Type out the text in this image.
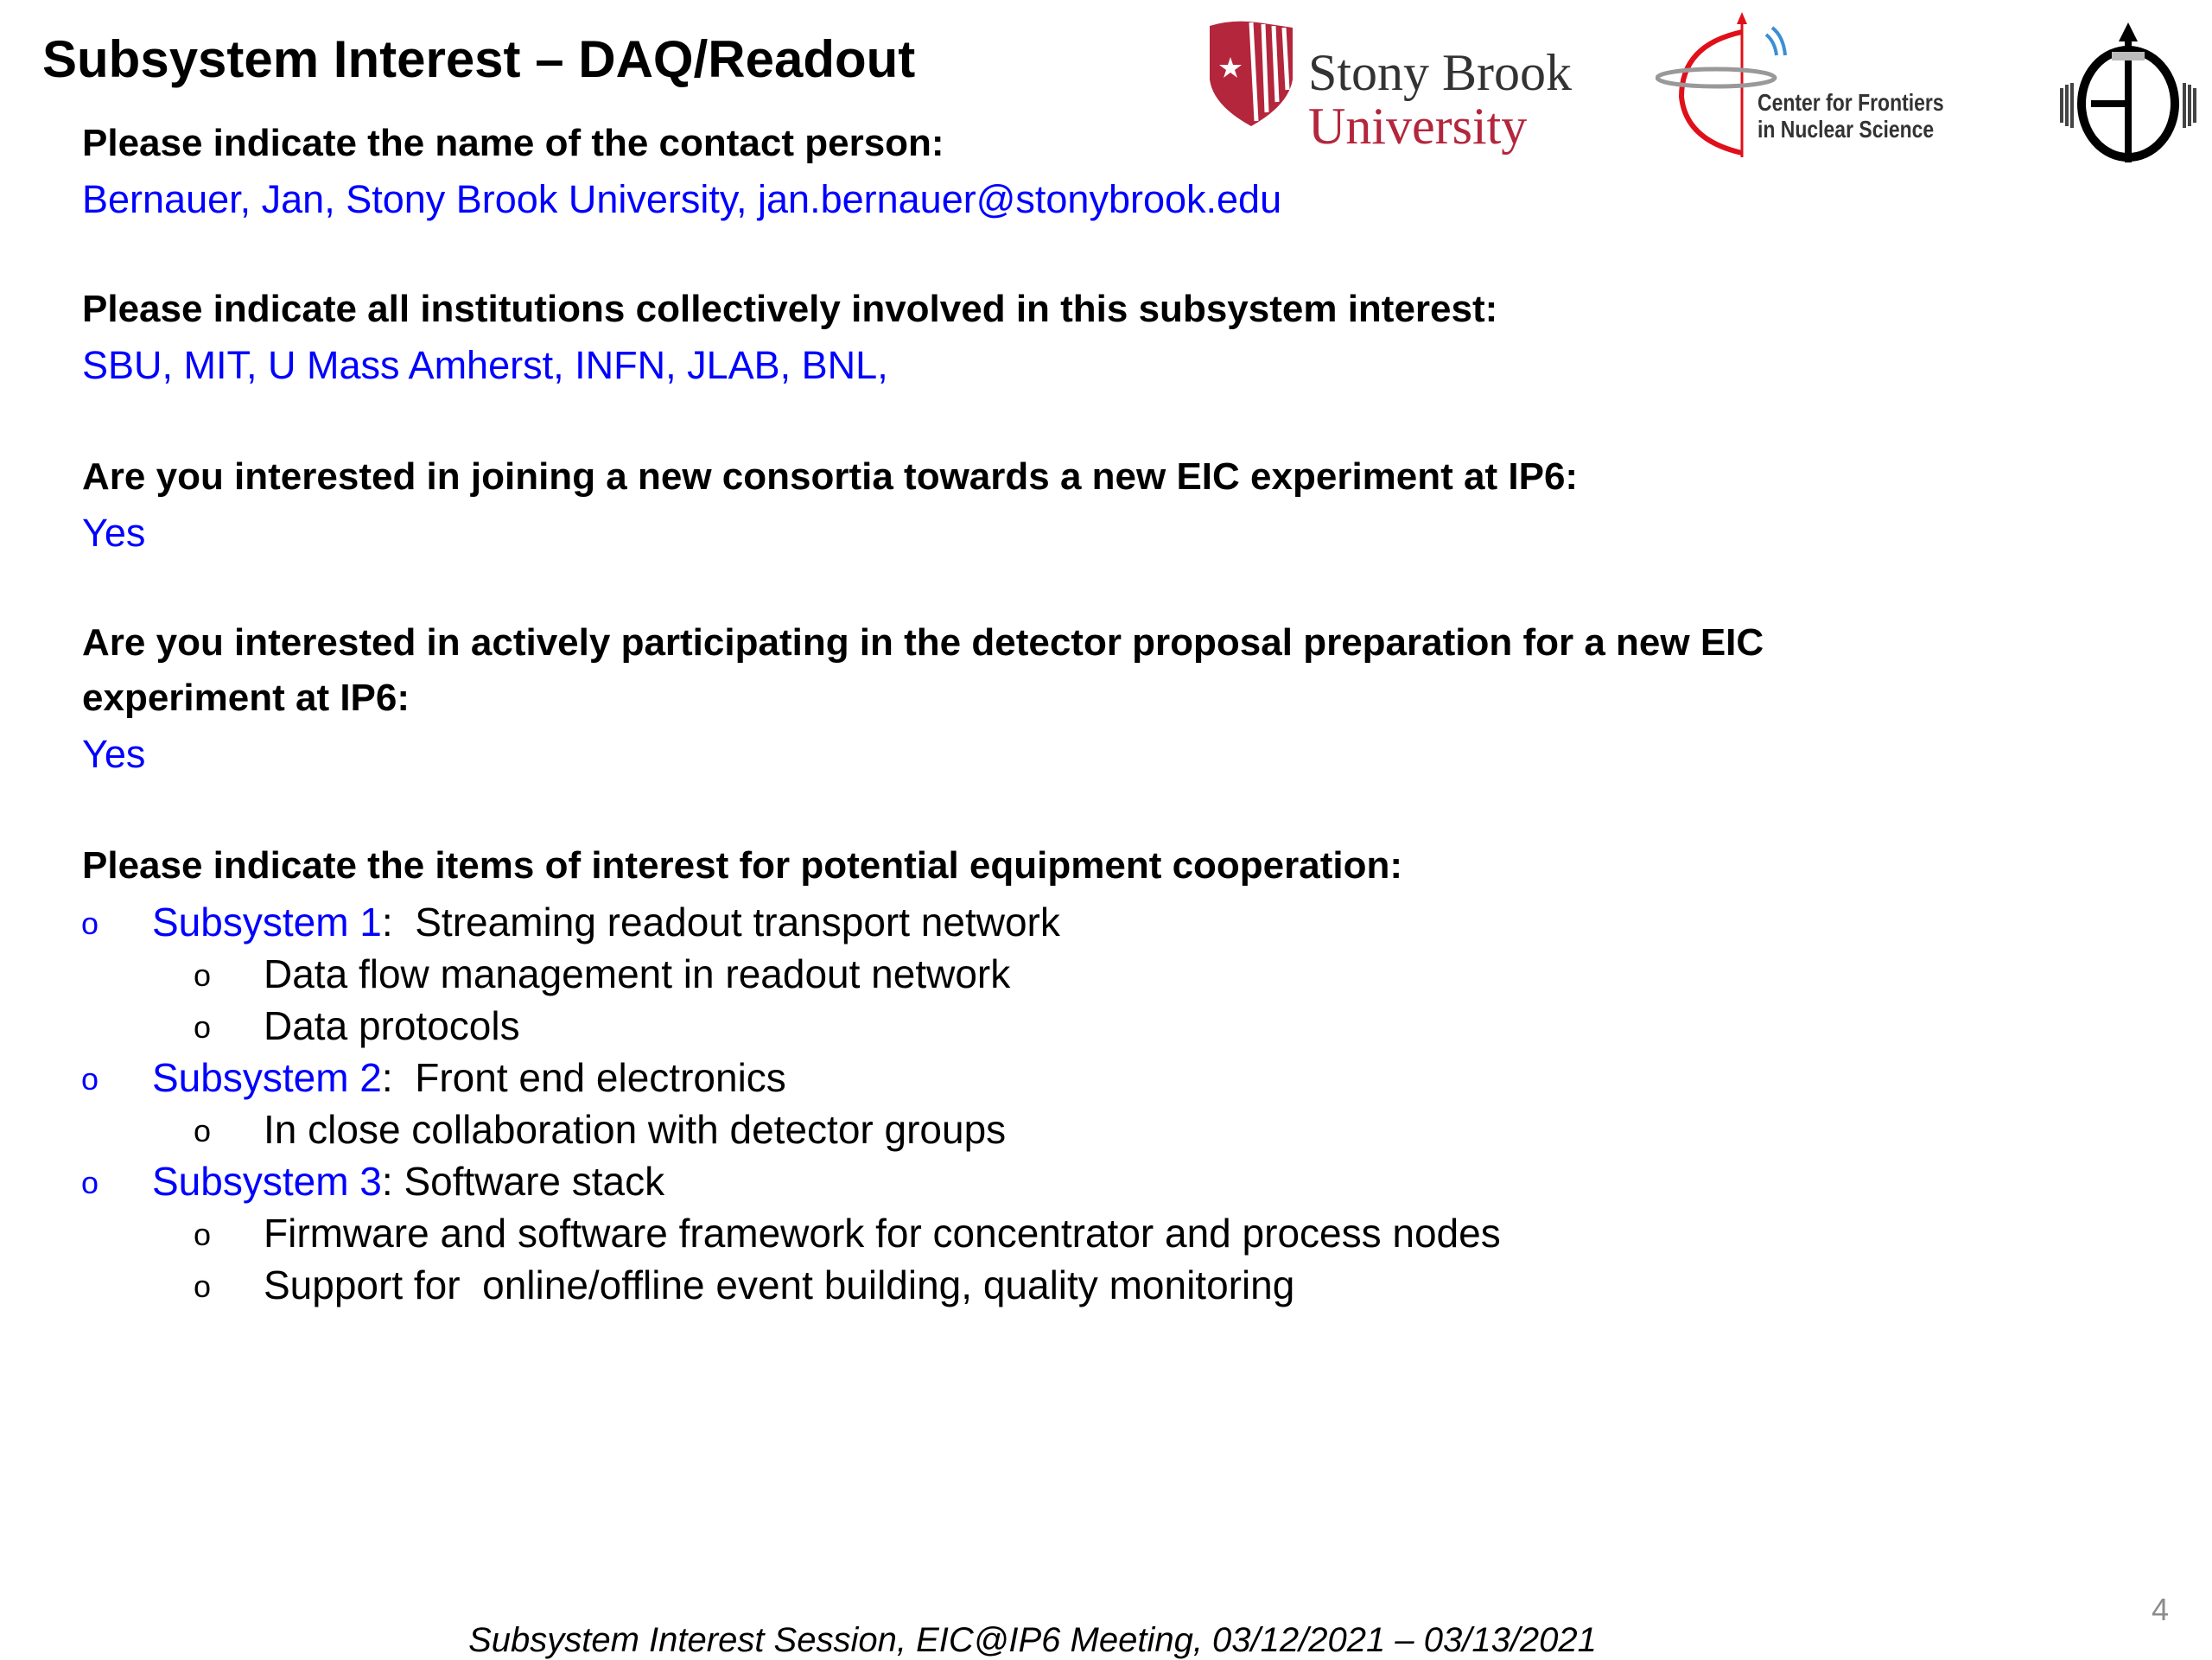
Subsystem Interest – DAQ/Readout	Stony Brook
University	Center for Frontiers
in Nuclear Science
Please indicate the name of the contact person:
Bernauer, Jan, Stony Brook University, jan.bernauer@stonybrook.edu
Please indicate all institutions collectively involved in this subsystem interest:
SBU, MIT, U Mass Amherst, INFN, JLAB, BNL,
Are you interested in joining a new consortia towards a new EIC experiment at IP6:
Yes
Are you interested in actively participating in the detector proposal preparation for a new EIC
experiment at IP6:
Yes
Please indicate the items of interest for potential equipment cooperation:
o Subsystem 1:  Streaming readout transport network
o Data flow management in readout network
o Data protocols
o Subsystem 2:  Front end electronics
o In close collaboration with detector groups
o Subsystem 3: Software stack
o Firmware and software framework for concentrator and process nodes
o Support for  online/offline event building, quality monitoring
4
Subsystem Interest Session, EIC@IP6 Meeting, 03/12/2021 – 03/13/2021
